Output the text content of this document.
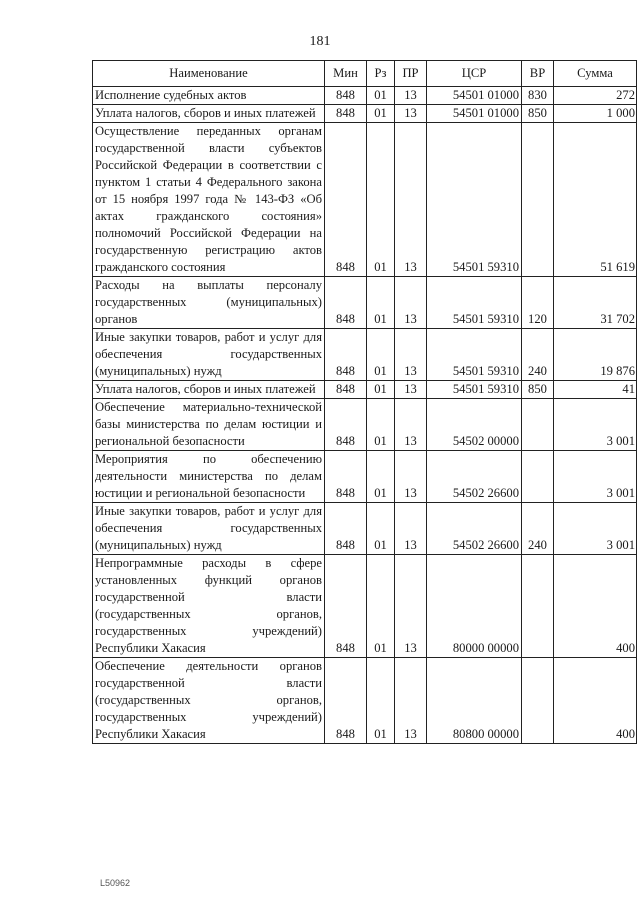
181
Наименование	Мин	Рз	ПР	ЦСР	ВР	Сумма
Исполнение судебных актов	848	01	13	54501 01000	830	272
Уплата налогов, сборов и иных платежей	848	01	13	54501 01000	850	1 000
Осуществление переданных органам государственной власти субъектов Российской Федерации в соответствии с пунктом 1 статьи 4 Федерального закона от 15 ноября 1997 года № 143-ФЗ «Об актах гражданского состояния» полномочий Российской Федерации на государственную регистрацию актов гражданского состояния	848	01	13	54501 59310		51 619
Расходы на выплаты персоналу государственных (муниципальных) органов	848	01	13	54501 59310	120	31 702
Иные закупки товаров, работ и услуг для обеспечения государственных (муниципальных) нужд	848	01	13	54501 59310	240	19 876
Уплата налогов, сборов и иных платежей	848	01	13	54501 59310	850	41
Обеспечение материально-технической базы министерства по делам юстиции и региональной безопасности	848	01	13	54502 00000		3 001
Мероприятия по обеспечению деятельности министерства по делам юстиции и региональной безопасности	848	01	13	54502 26600		3 001
Иные закупки товаров, работ и услуг для обеспечения государственных (муниципальных) нужд	848	01	13	54502 26600	240	3 001
Непрограммные расходы в сфере установленных функций органов государственной власти (государственных органов, государственных учреждений) Республики Хакасия	848	01	13	80000 00000		400
Обеспечение деятельности органов государственной власти (государственных органов, государственных учреждений) Республики Хакасия	848	01	13	80800 00000		400
L50962
